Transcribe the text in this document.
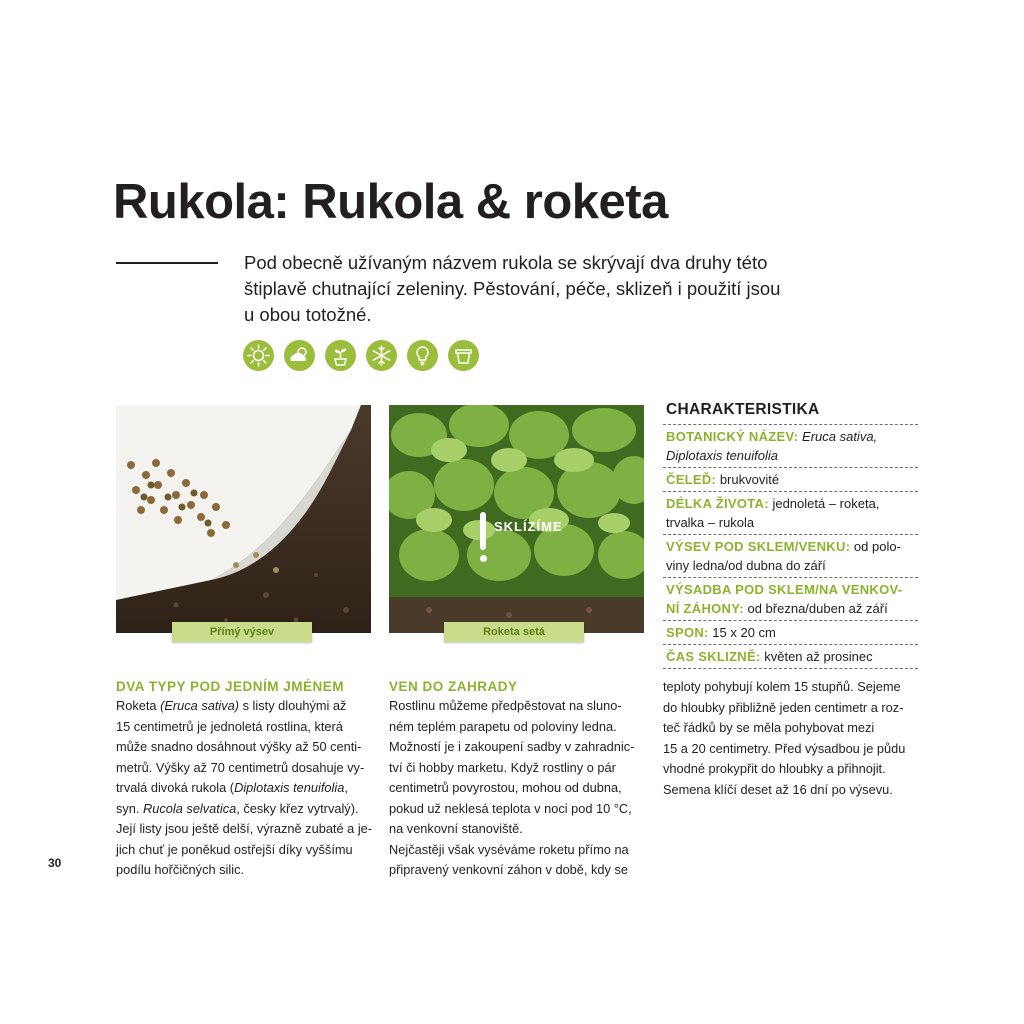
Rukola: Rukola & roketa

Pod obecně užívaným názvem rukola se skrývají dva druhy této
štiplavě chutnající zeleniny. Pěstování, péče, sklizeň i použití jsou
u obou totožné.

Přímý výsev
SKLÍZÍME
Roketa setá
CHARAKTERISTIKA
BOTANICKÝ NÁZEV: Eruca sativa,
Diplotaxis tenuifolia
ČELEĎ: brukvovité
DÉLKA ŽIVOTA: jednoletá – roketa,
trvalka – rukola
VÝSEV POD SKLEM/VENKU: od polo-
viny ledna/od dubna do září
VÝSADBA POD SKLEM/NA VENKOV-
NÍ ZÁHONY: od března/duben až září
SPON: 15 x 20 cm
ČAS SKLIZNĚ: květen až prosinec
DVA TYPY POD JEDNÍM JMÉNEM
Roketa (Eruca sativa) s listy dlouhými až
15 centimetrů je jednoletá rostlina, která
může snadno dosáhnout výšky až 50 centi-
metrů. Výšky až 70 centimetrů dosahuje vy-
trvalá divoká rukola (Diplotaxis tenuifolia,
syn. Rucola selvatica, česky křez vytrvalý).
Její listy jsou ještě delší, výrazně zubaté a je-
jich chuť je poněkud ostřejší díky vyššímu
podílu hořčičných silic.
VEN DO ZAHRADY
Rostlinu můžeme předpěstovat na sluno-
ném teplém parapetu od poloviny ledna.
Možností je i zakoupení sadby v zahradnic-
tví či hobby marketu. Když rostliny o pár
centimetrů povyrostou, mohou od dubna,
pokud už neklesá teplota v noci pod 10 °C,
na venkovní stanoviště.
Nejčastěji však vyséváme roketu přímo na
připravený venkovní záhon v době, kdy se
teploty pohybují kolem 15 stupňů. Sejeme
do hloubky přibližně jeden centimetr a roz-
teč řádků by se měla pohybovat mezi
15 a 20 centimetry. Před výsadbou je půdu
vhodné prokypřit do hloubky a přihnojit.
Semena klíčí deset až 16 dní po výsevu.
30
